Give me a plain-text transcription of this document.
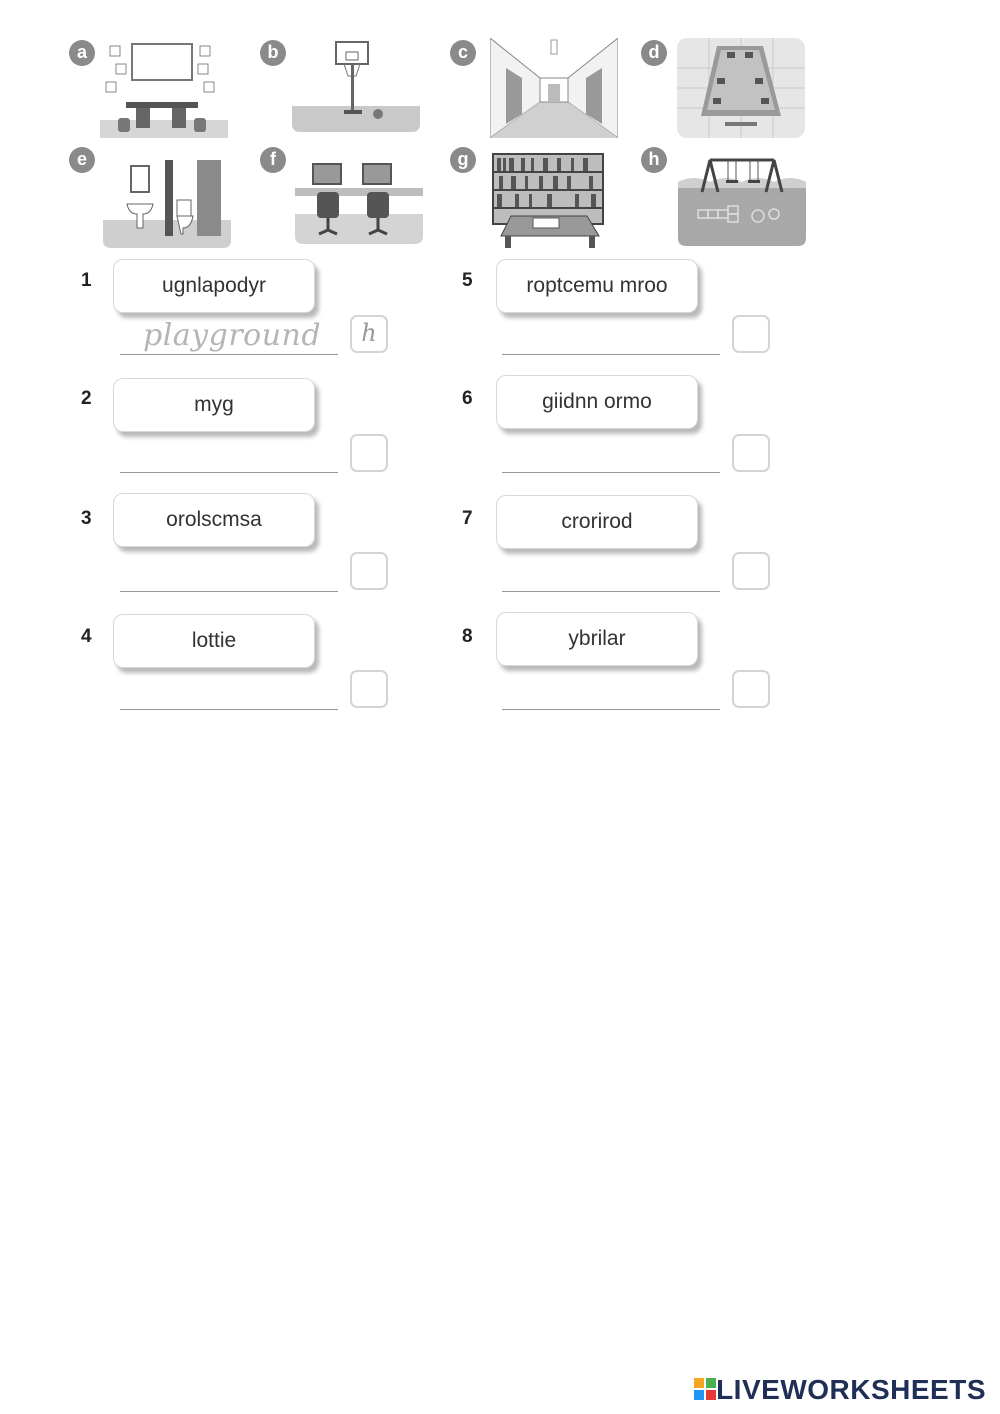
a	b	c	d
e	f	g	h
1
2
3
4
5
6
7
8
ugnlapodyr
myg
orolscmsa
lottie
roptcemu mroo
giidnn ormo
crorirod
ybrilar
playground	h
LIVEWORKSHEETS
